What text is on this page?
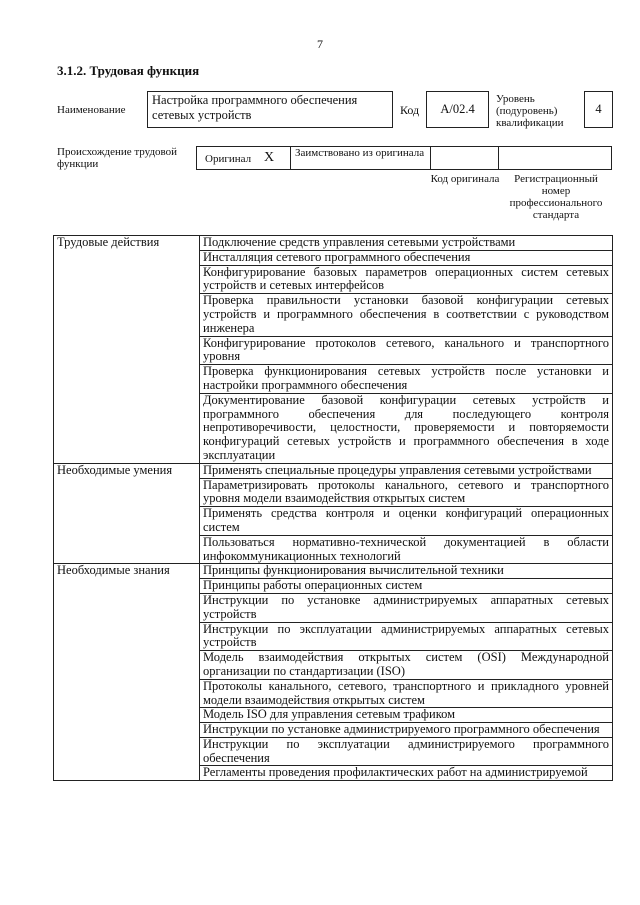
7
3.1.2. Трудовая функция
Наименование
Настройка программного обеспечения сетевых устройств	Код	A/02.4
Уровень (подуровень) квалификации
4
Происхождение трудовой функции	Оригинал X Заимствовано из оригинала
Код оригинала	Регистрационный номер профессионального стандарта
Трудовые действия	Подключение средств управления сетевыми устройствами
	Инсталляция сетевого программного обеспечения
	Конфигурирование базовых параметров операционных систем сетевых устройств и сетевых интерфейсов
	Проверка правильности установки базовой конфигурации сетевых устройств и программного обеспечения в соответствии с руководством инженера
	Конфигурирование протоколов сетевого, канального и транспортного уровня
	Проверка функционирования сетевых устройств после установки и настройки программного обеспечения
	Документирование базовой конфигурации сетевых устройств и программного обеспечения для последующего контроля непротиворечивости, целостности, проверяемости и повторяемости конфигураций сетевых устройств и программного обеспечения в ходе эксплуатации
Необходимые умения	Применять специальные процедуры управления сетевыми устройствами
	Параметризировать протоколы канального, сетевого и транспортного уровня модели взаимодействия открытых систем
	Применять средства контроля и оценки конфигураций операционных систем
	Пользоваться нормативно-технической документацией в области инфокоммуникационных технологий
Необходимые знания	Принципы функционирования вычислительной техники
	Принципы работы операционных систем
	Инструкции по установке администрируемых аппаратных сетевых устройств
	Инструкции по эксплуатации администрируемых аппаратных сетевых устройств
	Модель взаимодействия открытых систем (OSI) Международной организации по стандартизации (ISO)
	Протоколы канального, сетевого, транспортного и прикладного уровней модели взаимодействия открытых систем
	Модель ISO для управления сетевым трафиком
	Инструкции по установке администрируемого программного обеспечения
	Инструкции по эксплуатации администрируемого программного обеспечения
	Регламенты проведения профилактических работ на администрируемой
